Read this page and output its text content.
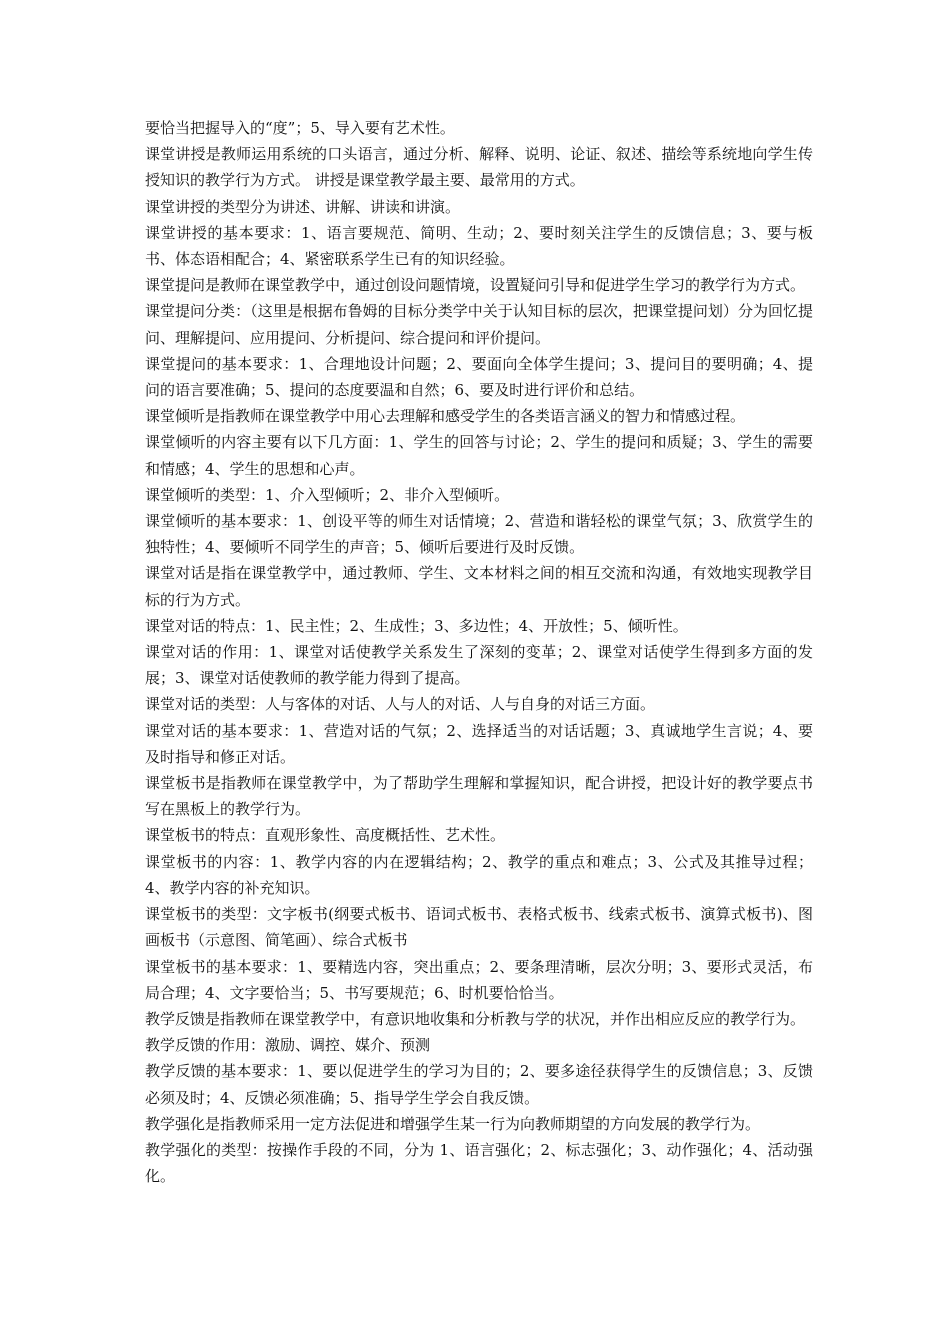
要恰当把握导入的“度”；5、导入要有艺术性。

课堂讲授是教师运用系统的口头语言，通过分析、解释、说明、论证、叙述、描绘等系统地向学生传授知识的教学行为方式。 讲授是课堂教学最主要、最常用的方式。

课堂讲授的类型分为讲述、讲解、讲读和讲演。

课堂讲授的基本要求：1、语言要规范、简明、生动；2、要时刻关注学生的反馈信息；3、要与板书、体态语相配合；4、紧密联系学生已有的知识经验。

课堂提问是教师在课堂教学中，通过创设问题情境，设置疑问引导和促进学生学习的教学行为方式。

课堂提问分类：（这里是根据布鲁姆的目标分类学中关于认知目标的层次，把课堂提问划）分为回忆提问、理解提问、应用提问、分析提问、综合提问和评价提问。

课堂提问的基本要求：1、合理地设计问题；2、要面向全体学生提问；3、提问目的要明确；4、提问的语言要准确；5、提问的态度要温和自然；6、要及时进行评价和总结。

课堂倾听是指教师在课堂教学中用心去理解和感受学生的各类语言涵义的智力和情感过程。

课堂倾听的内容主要有以下几方面：1、学生的回答与讨论；2、学生的提问和质疑；3、学生的需要和情感；4、学生的思想和心声。

课堂倾听的类型：1、介入型倾听；2、非介入型倾听。

课堂倾听的基本要求：1、创设平等的师生对话情境；2、营造和谐轻松的课堂气氛；3、欣赏学生的独特性；4、要倾听不同学生的声音；5、倾听后要进行及时反馈。

课堂对话是指在课堂教学中，通过教师、学生、文本材料之间的相互交流和沟通，有效地实现教学目标的行为方式。

课堂对话的特点：1、民主性；2、生成性；3、多边性；4、开放性；5、倾听性。

课堂对话的作用：1、课堂对话使教学关系发生了深刻的变革；2、课堂对话使学生得到多方面的发展；3、课堂对话使教师的教学能力得到了提高。

课堂对话的类型：人与客体的对话、人与人的对话、人与自身的对话三方面。

课堂对话的基本要求：1、营造对话的气氛；2、选择适当的对话话题；3、真诚地学生言说；4、要及时指导和修正对话。

课堂板书是指教师在课堂教学中，为了帮助学生理解和掌握知识，配合讲授，把设计好的教学要点书写在黑板上的教学行为。

课堂板书的特点：直观形象性、高度概括性、艺术性。

课堂板书的内容：1、教学内容的内在逻辑结构；2、教学的重点和难点；3、公式及其推导过程；4、教学内容的补充知识。

课堂板书的类型：文字板书(纲要式板书、语词式板书、表格式板书、线索式板书、演算式板书)、图画板书（示意图、简笔画）、综合式板书

课堂板书的基本要求：1、要精选内容，突出重点；2、要条理清晰，层次分明；3、要形式灵活，布局合理；4、文字要恰当；5、书写要规范；6、时机要恰恰当。

教学反馈是指教师在课堂教学中，有意识地收集和分析教与学的状况，并作出相应反应的教学行为。

教学反馈的作用：激励、调控、媒介、预测

教学反馈的基本要求：1、要以促进学生的学习为目的；2、要多途径获得学生的反馈信息；3、反馈必须及时；4、反馈必须准确；5、指导学生学会自我反馈。

教学强化是指教师采用一定方法促进和增强学生某一行为向教师期望的方向发展的教学行为。

教学强化的类型：按操作手段的不同，分为 1、语言强化；2、标志强化；3、动作强化；4、活动强化。
